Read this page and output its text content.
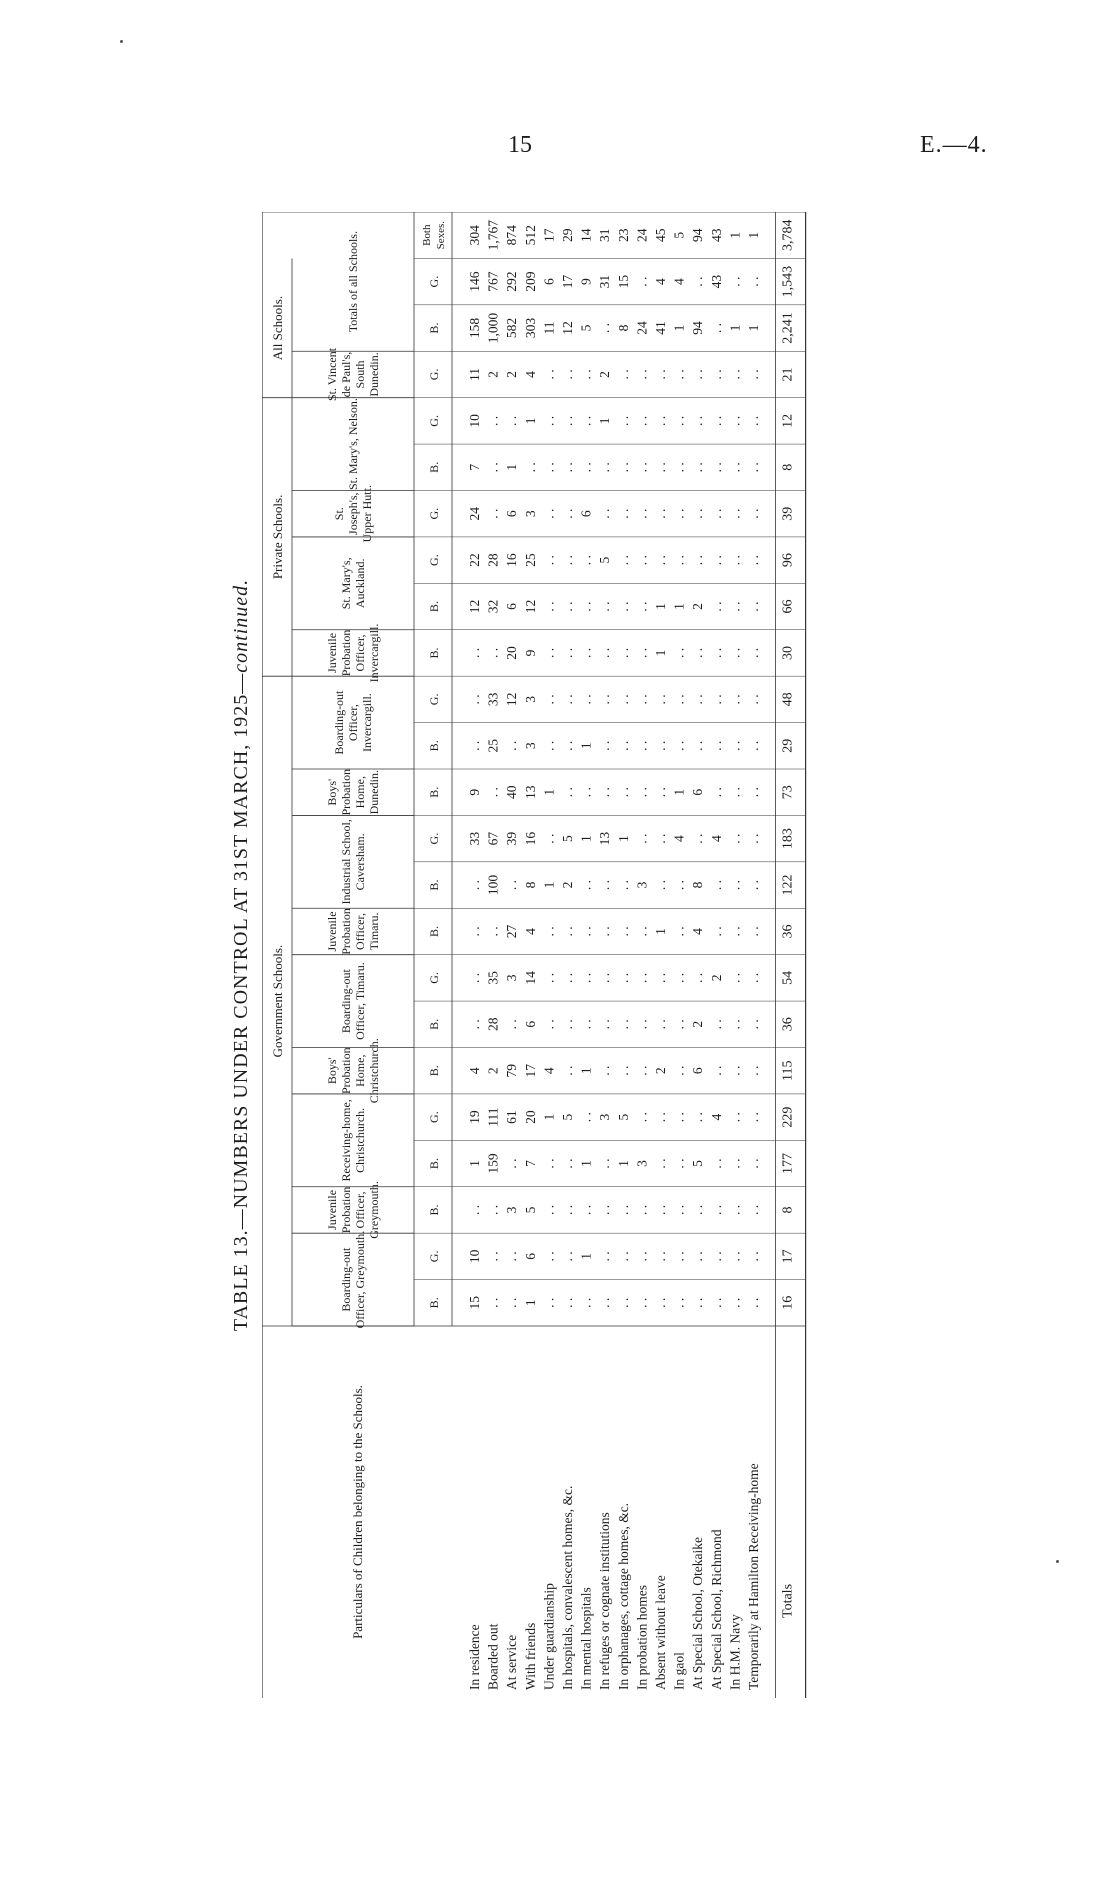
15	E.—4.
TABLE 13.—NUMBERS UNDER CONTROL AT 31ST MARCH, 1925—continued.
Government Schools.
Private Schools.
All Schools.
Boarding-out Officer, Greymouth.
Juvenile Probation Officer, Greymouth.
Receiving-home, Christchurch.
Boys' Probation Home, Christchurch.
Boarding-out Officer, Timaru.
Juvenile Probation Officer, Timaru.
Industrial School, Caversham.
Boys' Probation Home, Dunedin.
Boarding-out Officer, Invercargill.
Juvenile Probation Officer, Invercargill.
St. Mary's, Auckland.
St. Joseph's, Upper Hutt.
St. Mary's, Nelson.
St. Vincent de Paul's, South Dunedin.
Totals of all Schools.
B.
G.
B.
B.
G.
B.
B.
G.
B.
B.
G.
B.
B.
G.
B.
B.
G.
G.
B.
G.
G.
B.
G.
Both Sexes.
Particulars of Children belonging to the Schools.
In residence
15
10
. .
1
19
4
. .
. .
. .
. .
33
9
. .
. .
. .
12
22
24
7
10
11
158
146
304
Boarded out
. .
. .
. .
159
111
2
28
35
. .
100
67
. .
25
33
. .
32
28
. .
. .
. .
2
1,000
767
1,767
At service
. .
. .
3
. .
61
79
. .
3
27
. .
39
40
. .
12
20
6
16
6
1
. .
2
582
292
874
With friends
1
6
5
7
20
17
6
14
4
8
16
13
3
3
9
12
25
3
. .
1
4
303
209
512
Under guardianship
. .
. .
. .
. .
1
4
. .
. .
. .
1
. .
1
. .
. .
. .
. .
. .
. .
. .
. .
. .
11
6
17
In hospitals, convalescent homes, &c.
. .
. .
. .
. .
5
. .
. .
. .
. .
2
5
. .
. .
. .
. .
. .
. .
. .
. .
. .
. .
12
17
29
In mental hospitals
. .
1
. .
1
. .
1
. .
. .
. .
. .
1
. .
1
. .
. .
. .
. .
6
. .
. .
. .
5
9
14
In refuges or cognate institutions
. .
. .
. .
. .
3
. .
. .
. .
. .
. .
13
. .
. .
. .
. .
. .
5
. .
. .
1
2
. .
31
31
In orphanages, cottage homes, &c.
. .
. .
. .
1
5
. .
. .
. .
. .
. .
1
. .
. .
. .
. .
. .
. .
. .
. .
. .
. .
8
15
23
In probation homes
. .
. .
. .
3
. .
. .
. .
. .
. .
3
. .
. .
. .
. .
. .
. .
. .
. .
. .
. .
. .
24
. .
24
Absent without leave
. .
. .
. .
. .
. .
2
. .
. .
1
. .
. .
. .
. .
. .
1
1
. .
. .
. .
. .
. .
41
4
45
In gaol
. .
. .
. .
. .
. .
. .
. .
. .
. .
. .
4
1
. .
. .
. .
1
. .
. .
. .
. .
. .
1
4
5
At Special School, Otekaike
. .
. .
. .
5
. .
6
2
. .
4
8
. .
6
. .
. .
. .
2
. .
. .
. .
. .
. .
94
. .
94
At Special School, Richmond
. .
. .
. .
. .
4
. .
. .
2
. .
. .
4
. .
. .
. .
. .
. .
. .
. .
. .
. .
. .
. .
43
43
In H.M. Navy
. .
. .
. .
. .
. .
. .
. .
. .
. .
. .
. .
. .
. .
. .
. .
. .
. .
. .
. .
. .
. .
1
. .
1
Temporarily at Hamilton Receiving-home
. .
. .
. .
. .
. .
. .
. .
. .
. .
. .
. .
. .
. .
. .
. .
. .
. .
. .
. .
. .
. .
1
. .
1
Totals
16
17
8
177
229
115
36
54
36
122
183
73
29
48
30
66
96
39
8
12
21
2,241
1,543
3,784
